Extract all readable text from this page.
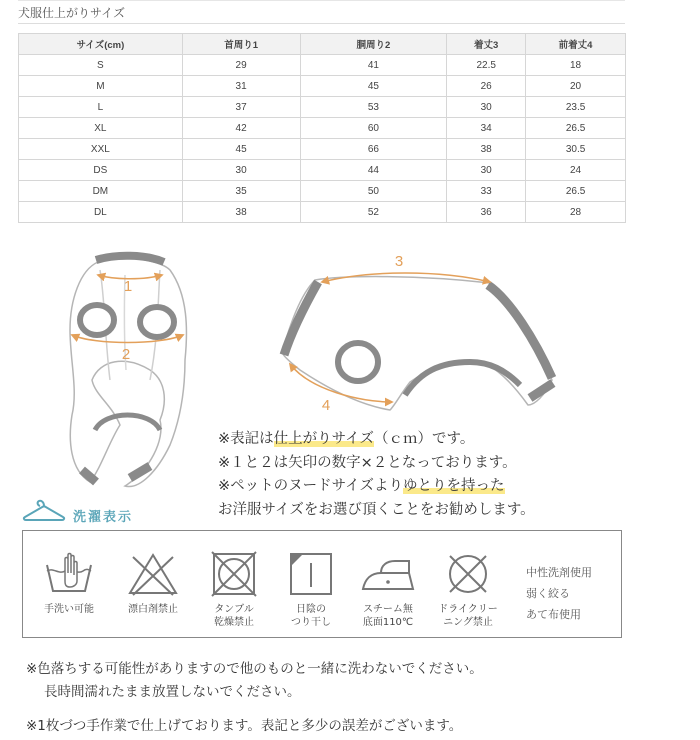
犬服仕上がりサイズ
サイズ(cm)	首周り1	胴周り2	着丈3	前着丈4
S	29	41	22.5	18
M	31	45	26	20
L	37	53	30	23.5
XL	42	60	34	26.5
XXL	45	66	38	30.5
DS	30	44	30	24
DM	35	50	33	26.5
DL	38	52	36	28
1
2
3
4
※表記は仕上がりサイズ（ｃｍ）です。
※１と２は矢印の数字×２となっております。
※ペットのヌードサイズよりゆとりを持った
お洋服サイズをお選び頂くことをお勧めします。
洗濯表示
手洗い可能	漂白剤禁止	タンブル
乾燥禁止
日陰の
つり干し
スチーム無
底面110℃
ドライクリー
ニング禁止
中性洗剤使用
弱く絞る
あて布使用
※色落ちする可能性がありますので他のものと一緒に洗わないでください。
長時間濡れたまま放置しないでください。
※1枚づつ手作業で仕上げております。表記と多少の誤差がございます。
